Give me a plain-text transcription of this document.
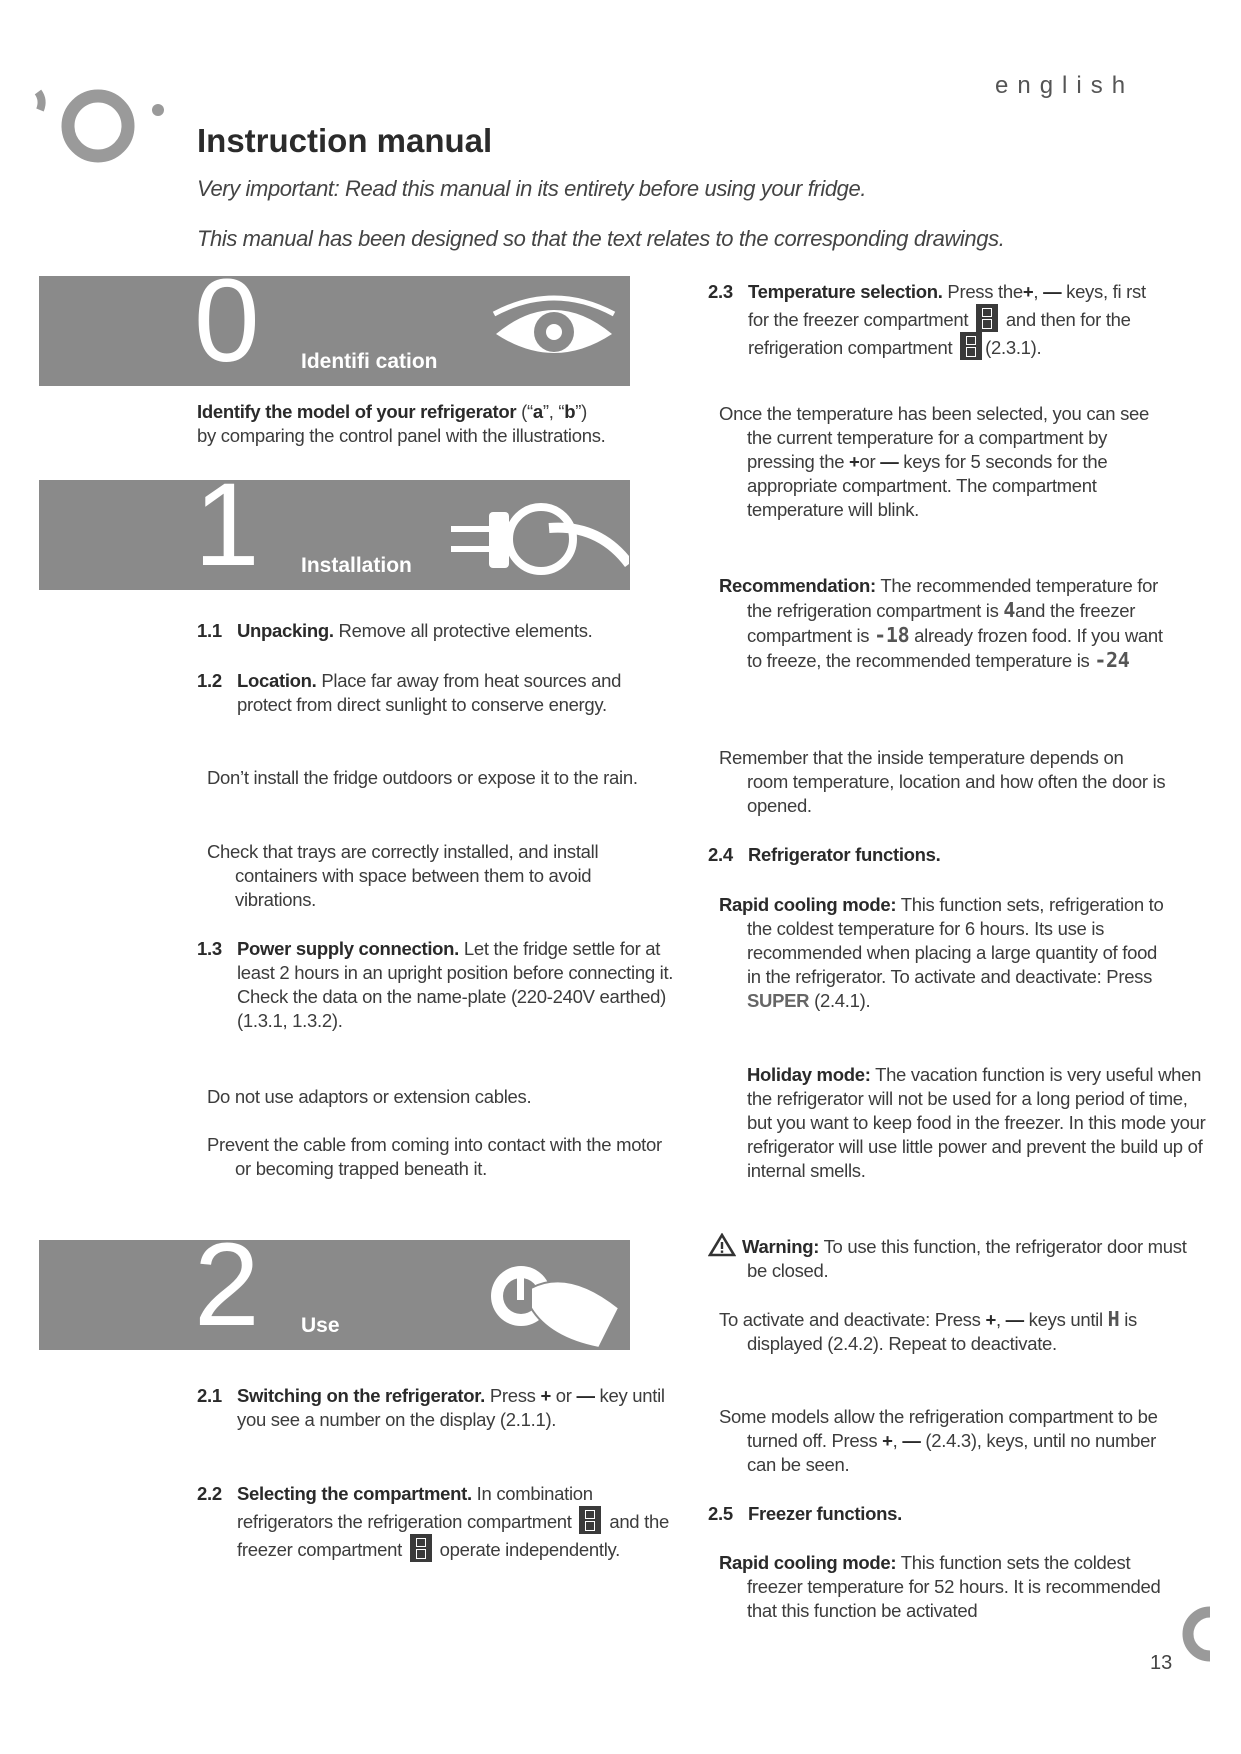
english
Instruction manual
Very important: Read this manual in its entirety before using your fridge.
This manual has been designed so that the text relates to the corresponding drawings.
0 Identifi cation
Identify the model of your refrigerator (“a”, “b”)
by comparing the control panel with the illustrations.
1 Installation
1.1 Unpacking. Remove all protective elements.
1.2 Location. Place far away from heat sources and protect from direct sunlight to conserve energy.
Don’t install the fridge outdoors or expose it to the rain.
Check that trays are correctly installed, and install containers with space between them to avoid vibrations.
1.3 Power supply connection. Let the fridge settle for at least 2 hours in an upright position before connecting it. Check the data on the name-plate (220-240V earthed) (1.3.1, 1.3.2).
Do not use adaptors or extension cables.
Prevent the cable from coming into contact with the motor or becoming trapped beneath it.
2 Use
2.1 Switching on the refrigerator. Press + or — key until you see a number on the display (2.1.1).
2.2 Selecting the compartment. In combination refrigerators the refrigeration compartment  and the freezer compartment  operate independently.
2.3 Temperature selection. Press the+, — keys, fi rst for the freezer compartment  and then for the refrigeration compartment (2.3.1).
Once the temperature has been selected, you can see the current temperature for a compartment by pressing the +or — keys for 5 seconds for the appropriate compartment. The compartment temperature will blink.
Recommendation: The recommended temperature for the refrigeration compartment is 4and the freezer compartment is -18 already frozen food. If you want to freeze, the recommended temperature is -24
Remember that the inside temperature depends on room temperature, location and how often the door is opened.
2.4 Refrigerator functions.
Rapid cooling mode: This function sets, refrigeration to the coldest temperature for 6 hours. Its use is recommended when placing a large quantity of food in the refrigerator. To activate and deactivate: Press SUPER (2.4.1).
Holiday mode: The vacation function is very useful when the refrigerator will not be used for a long period of time, but you want to keep food in the freezer. In this mode your refrigerator will use little power and prevent the build up of internal smells.
Warning: To use this function, the refrigerator door must be closed.
To activate and deactivate: Press +, — keys until H is displayed (2.4.2). Repeat to deactivate.
Some models allow the refrigeration compartment to be turned off. Press +, — (2.4.3), keys, until no number can be seen.
2.5 Freezer functions.
Rapid cooling mode: This function sets the coldest freezer temperature for 52 hours. It is recommended that this function be activated
13
